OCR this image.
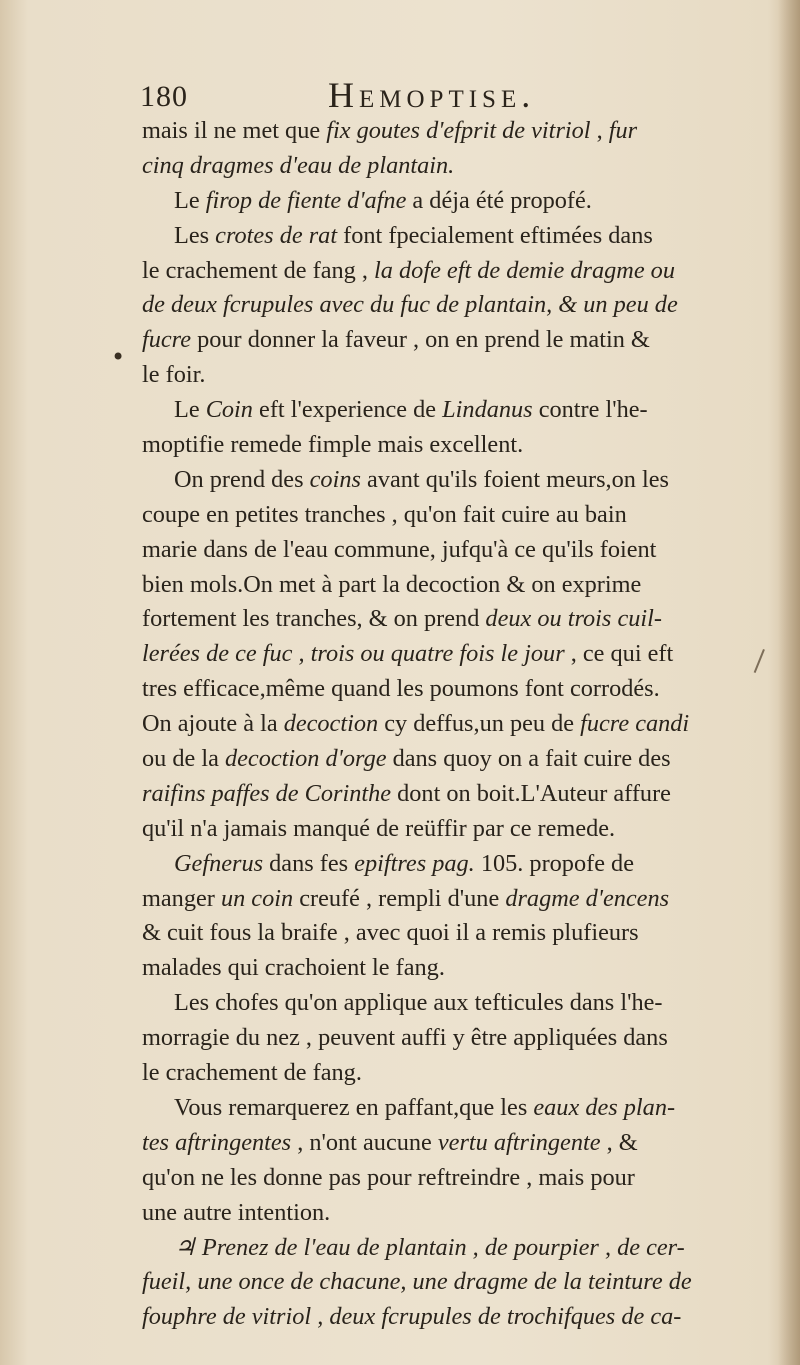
180	Hemoptise.
•
mais il ne met que fix goutes d'efprit de vitriol , fur
cinq dragmes d'eau de plantain.
Le firop de fiente d'afne a déja été propofé.
Les crotes de rat font fpecialement eftimées dans
le crachement de fang , la dofe eft de demie dragme ou
de deux fcrupules avec du fuc de plantain, & un peu de
fucre pour donner la faveur , on en prend le matin &
le foir.
Le Coin eft l'experience de Lindanus contre l'he-
moptifie remede fimple mais excellent.
On prend des coins avant qu'ils foient meurs,on les
coupe en petites tranches , qu'on fait cuire au bain
marie dans de l'eau commune, jufqu'à ce qu'ils foient
bien mols.On met à part la decoction & on exprime
fortement les tranches, & on prend deux ou trois cuil-
lerées de ce fuc , trois ou quatre fois le jour , ce qui eft
tres efficace,même quand les poumons font corrodés.
On ajoute à la decoction cy deffus,un peu de fucre candi
ou de la decoction d'orge dans quoy on a fait cuire des
raifins paffes de Corinthe dont on boit.L'Auteur affure
qu'il n'a jamais manqué de reüffir par ce remede.
Gefnerus dans fes epiftres pag. 105. propofe de
manger un coin creufé , rempli d'une dragme d'encens
& cuit fous la braife , avec quoi il a remis plufieurs
malades qui crachoient le fang.
Les chofes qu'on applique aux tefticules dans l'he-
morragie du nez , peuvent auffi y être appliquées dans
le crachement de fang.
Vous remarquerez en paffant,que les eaux des plan-
tes aftringentes , n'ont aucune vertu aftringente , &
qu'on ne les donne pas pour reftreindre , mais pour
une autre intention.
♃ Prenez de l'eau de plantain , de pourpier , de cer-
fueil, une once de chacune, une dragme de la teinture de
fouphre de vitriol , deux fcrupules de trochifques de ca-
